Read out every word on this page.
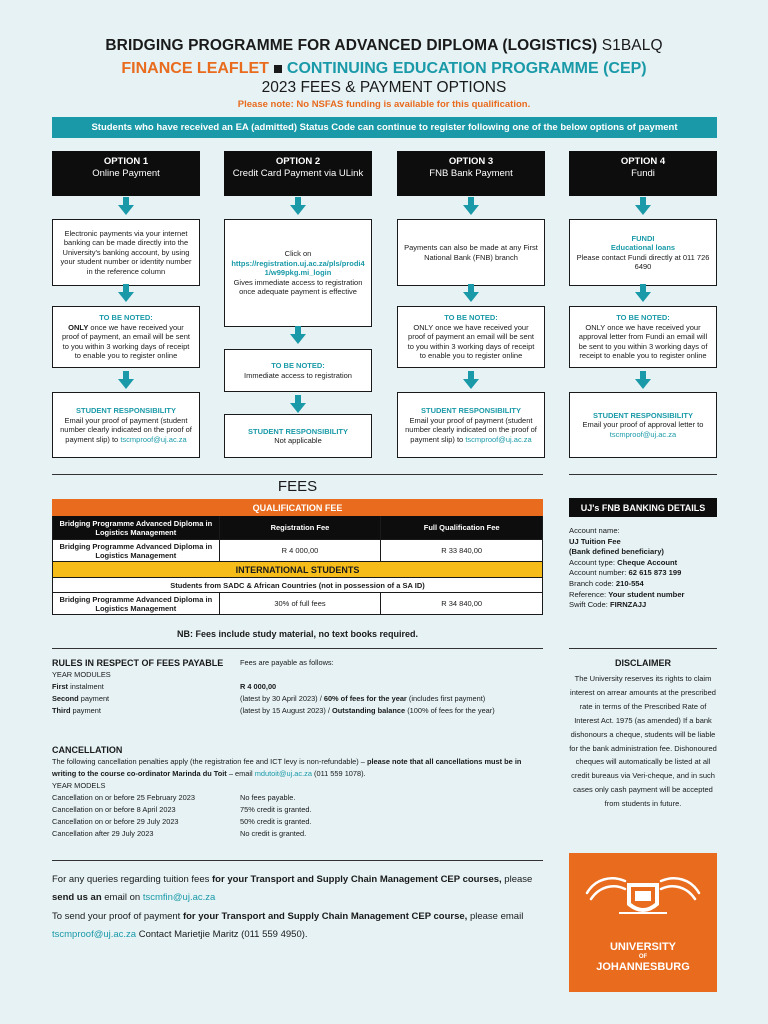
BRIDGING PROGRAMME FOR ADVANCED DIPLOMA (LOGISTICS) S1BALQ
FINANCE LEAFLET CONTINUING EDUCATION PROGRAMME (CEP)
2023 FEES & PAYMENT OPTIONS
Please note: No NSFAS funding is available for this qualification.
Students who have received an EA (admitted) Status Code can continue to register following one of the below options of payment
OPTION 1
Online Payment
Electronic payments via your internet banking can be made directly into the University's banking account, by using your student number or identity number in the reference column
TO BE NOTED:
ONLY once we have received your proof of payment, an email will be sent to you within 3 working days of receipt to enable you to register online
STUDENT RESPONSIBILITY
Email your proof of payment (student number clearly indicated on the proof of payment slip) to tscmproof@uj.ac.za
OPTION 2
Credit Card Payment via ULink
Click on
https://registration.uj.ac.za/pls/prodi41/w99pkg.mi_login
Gives immediate access to registration once adequate payment is effective
TO BE NOTED:
Immediate access to registration
STUDENT RESPONSIBILITY
Not applicable
OPTION 3
FNB Bank Payment
Payments can also be made at any First National Bank (FNB) branch
TO BE NOTED:
ONLY once we have received your proof of payment an email will be sent to you within 3 working days of receipt to enable you to register online
STUDENT RESPONSIBILITY
Email your proof of payment (student number clearly indicated on the proof of payment slip) to tscmproof@uj.ac.za
OPTION 4
Fundi
FUNDI
Educational loans
Please contact Fundi directly at 011 726 6490
TO BE NOTED:
ONLY once we have received your approval letter from Fundi an email will be sent to you within 3 working days of receipt to enable you to register online
STUDENT RESPONSIBILITY
Email your proof of approval letter to tscmproof@uj.ac.za
FEES
QUALIFICATION FEE		
Bridging Programme Advanced Diploma in Logistics Management	Registration Fee	Full Qualification Fee
Bridging Programme Advanced Diploma in Logistics Management	R 4 000,00	R 33 840,00
INTERNATIONAL STUDENTS		
Students from SADC & African Countries (not in possession of a SA ID)		
Bridging Programme Advanced Diploma in Logistics Management	30% of full fees	R 34 840,00
NB: Fees include study material, no text books required.
UJ's FNB BANKING DETAILS
Account name:
UJ Tuition Fee
(Bank defined beneficiary)
Account type: Cheque Account
Account number: 62 615 873 199
Branch code: 210-554
Reference: Your student number
Swift Code: FIRNZAJJ
DISCLAIMER
The University reserves its rights to claim interest on arrear amounts at the prescribed rate in terms of the Prescribed Rate of Interest Act. 1975 (as amended) If a bank dishonours a cheque, students will be liable for the bank administration fee. Dishonoured cheques will automatically be listed at all credit bureaus via Veri-cheque, and in such cases only cash payment will be accepted from students in future.
RULES IN RESPECT OF FEES PAYABLE	Fees are payable as follows:
YEAR MODULES
First instalment	R 4 000,00
Second payment	(latest by 30 April 2023) / 60% of fees for the year (includes first payment)
Third payment	(latest by 15 August 2023) / Outstanding balance (100% of fees for the year)
CANCELLATION
The following cancellation penalties apply (the registration fee and ICT levy is non-refundable) – please note that all cancellations must be in writing to the course co-ordinator Marinda du Toit – email mdutoit@uj.ac.za (011 559 1078).
YEAR MODELS
Cancellation on or before 25 February 2023	No fees payable.
Cancellation on or before 8 April 2023	75% credit is granted.
Cancellation on or before 29 July 2023	50% credit is granted.
Cancellation after 29 July 2023	No credit is granted.
For any queries regarding tuition fees for your Transport and Supply Chain Management CEP courses, please send us an email on tscmfin@uj.ac.za
To send your proof of payment for your Transport and Supply Chain Management CEP course, please email tscmproof@uj.ac.za Contact Marietjie Maritz (011 559 4950).
UNIVERSITY
OF
JOHANNESBURG
